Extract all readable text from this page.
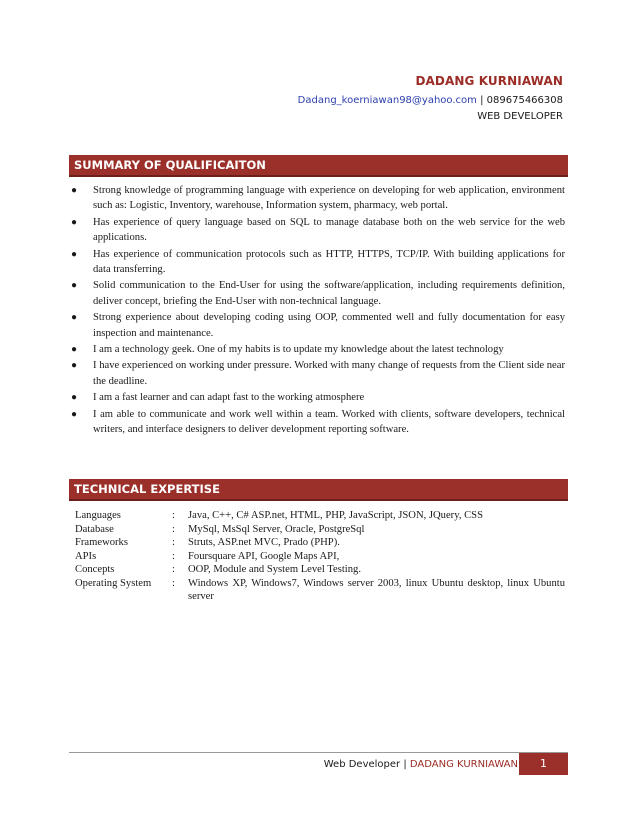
DADANG KURNIAWAN
Dadang_koerniawan98@yahoo.com | 089675466308
WEB DEVELOPER
SUMMARY OF QUALIFICAITON
● Strong knowledge of programming language with experience on developing for web application, environment such as: Logistic, Inventory, warehouse, Information system, pharmacy, web portal.
● Has experience of query language based on SQL to manage database both on the web service for the web applications.
● Has experience of communication protocols such as HTTP, HTTPS, TCP/IP. With building applications for data transferring.
● Solid communication to the End-User for using the software/application, including requirements definition, deliver concept, briefing the End-User with non-technical language.
● Strong experience about developing coding using OOP, commented well and fully documentation for easy inspection and maintenance.
● I am a technology geek. One of my habits is to update my knowledge about the latest technology
● I have experienced on working under pressure. Worked with many change of requests from the Client side near the deadline.
● I am a fast learner and can adapt fast to the working atmosphere
● I am able to communicate and work well within a team. Worked with clients, software developers, technical writers, and interface designers to deliver development reporting software.
TECHNICAL EXPERTISE
Languages	:	Java, C++, C# ASP.net, HTML, PHP, JavaScript, JSON, JQuery, CSS
Database	:	MySql, MsSql Server, Oracle, PostgreSql
Frameworks	:	Struts, ASP.net MVC, Prado (PHP).
APIs	:	Foursquare API, Google Maps API,
Concepts	:	OOP, Module and System Level Testing.
Operating System	:	Windows XP, Windows7, Windows server 2003, linux Ubuntu desktop, linux Ubuntu server
Web Developer | DADANG KURNIAWAN	1
